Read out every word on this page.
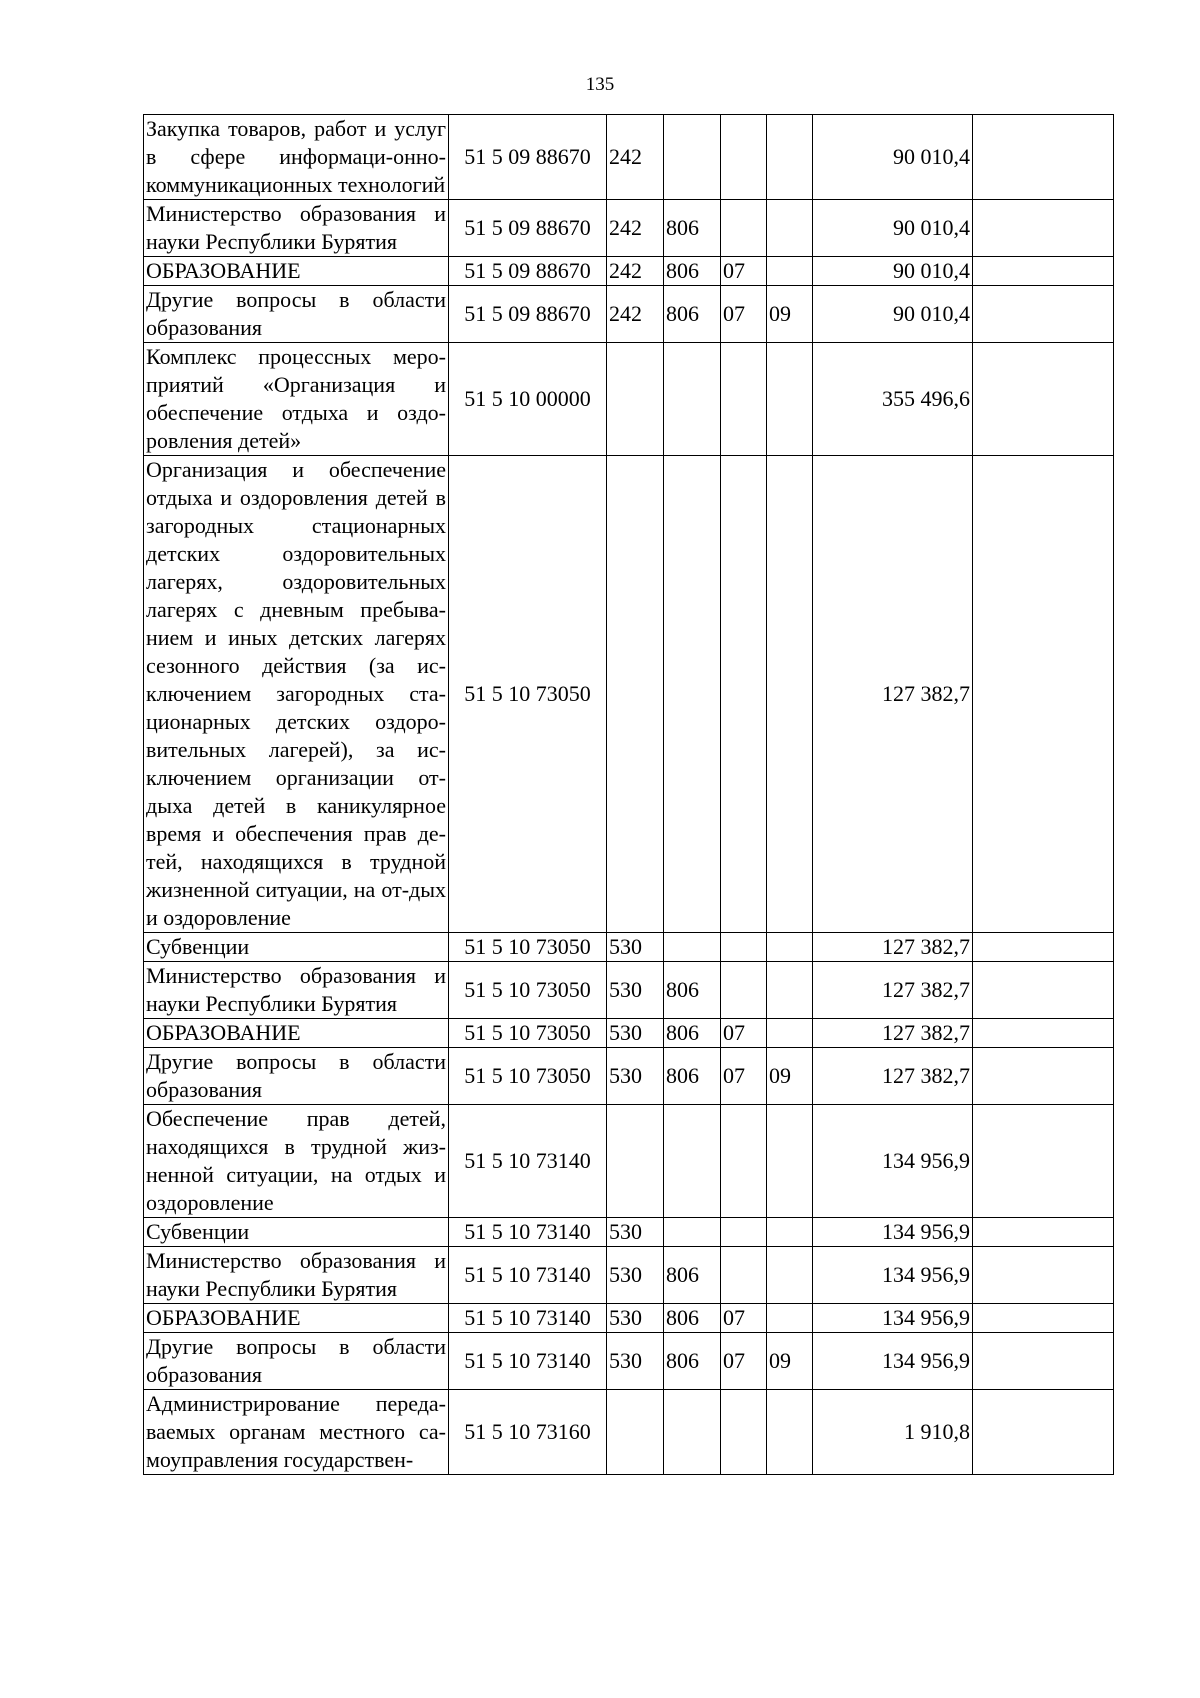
135
Закупка товаров, работ и услуг в сфере информаци-онно-коммуникационных технологий	51 5 09 88670	242				90 010,4	
Министерство образования и науки Республики Бурятия	51 5 09 88670	242	806			90 010,4	
ОБРАЗОВАНИЕ	51 5 09 88670	242	806	07		90 010,4	
Другие вопросы в области образования	51 5 09 88670	242	806	07	09	90 010,4	
Комплекс процессных меро-приятий «Организация и обеспечение отдыха и оздо-ровления детей»	51 5 10 00000					355 496,6	
Организация и обеспечение отдыха и оздоровления детей в загородных стационарных детских оздоровительных лагерях, оздоровительных лагерях с дневным пребыва-нием и иных детских лагерях сезонного действия (за ис-ключением загородных ста-ционарных детских оздоро-вительных лагерей), за ис-ключением организации от-дыха детей в каникулярное время и обеспечения прав де-тей, находящихся в трудной жизненной ситуации, на от-дых и оздоровление	51 5 10 73050					127 382,7	
Субвенции	51 5 10 73050	530				127 382,7	
Министерство образования и науки Республики Бурятия	51 5 10 73050	530	806			127 382,7	
ОБРАЗОВАНИЕ	51 5 10 73050	530	806	07		127 382,7	
Другие вопросы в области образования	51 5 10 73050	530	806	07	09	127 382,7	
Обеспечение прав детей, находящихся в трудной жиз-ненной ситуации, на отдых и оздоровление	51 5 10 73140					134 956,9	
Субвенции	51 5 10 73140	530				134 956,9	
Министерство образования и науки Республики Бурятия	51 5 10 73140	530	806			134 956,9	
ОБРАЗОВАНИЕ	51 5 10 73140	530	806	07		134 956,9	
Другие вопросы в области образования	51 5 10 73140	530	806	07	09	134 956,9	
Администрирование переда-ваемых органам местного са-моуправления государствен-	51 5 10 73160					1 910,8	
